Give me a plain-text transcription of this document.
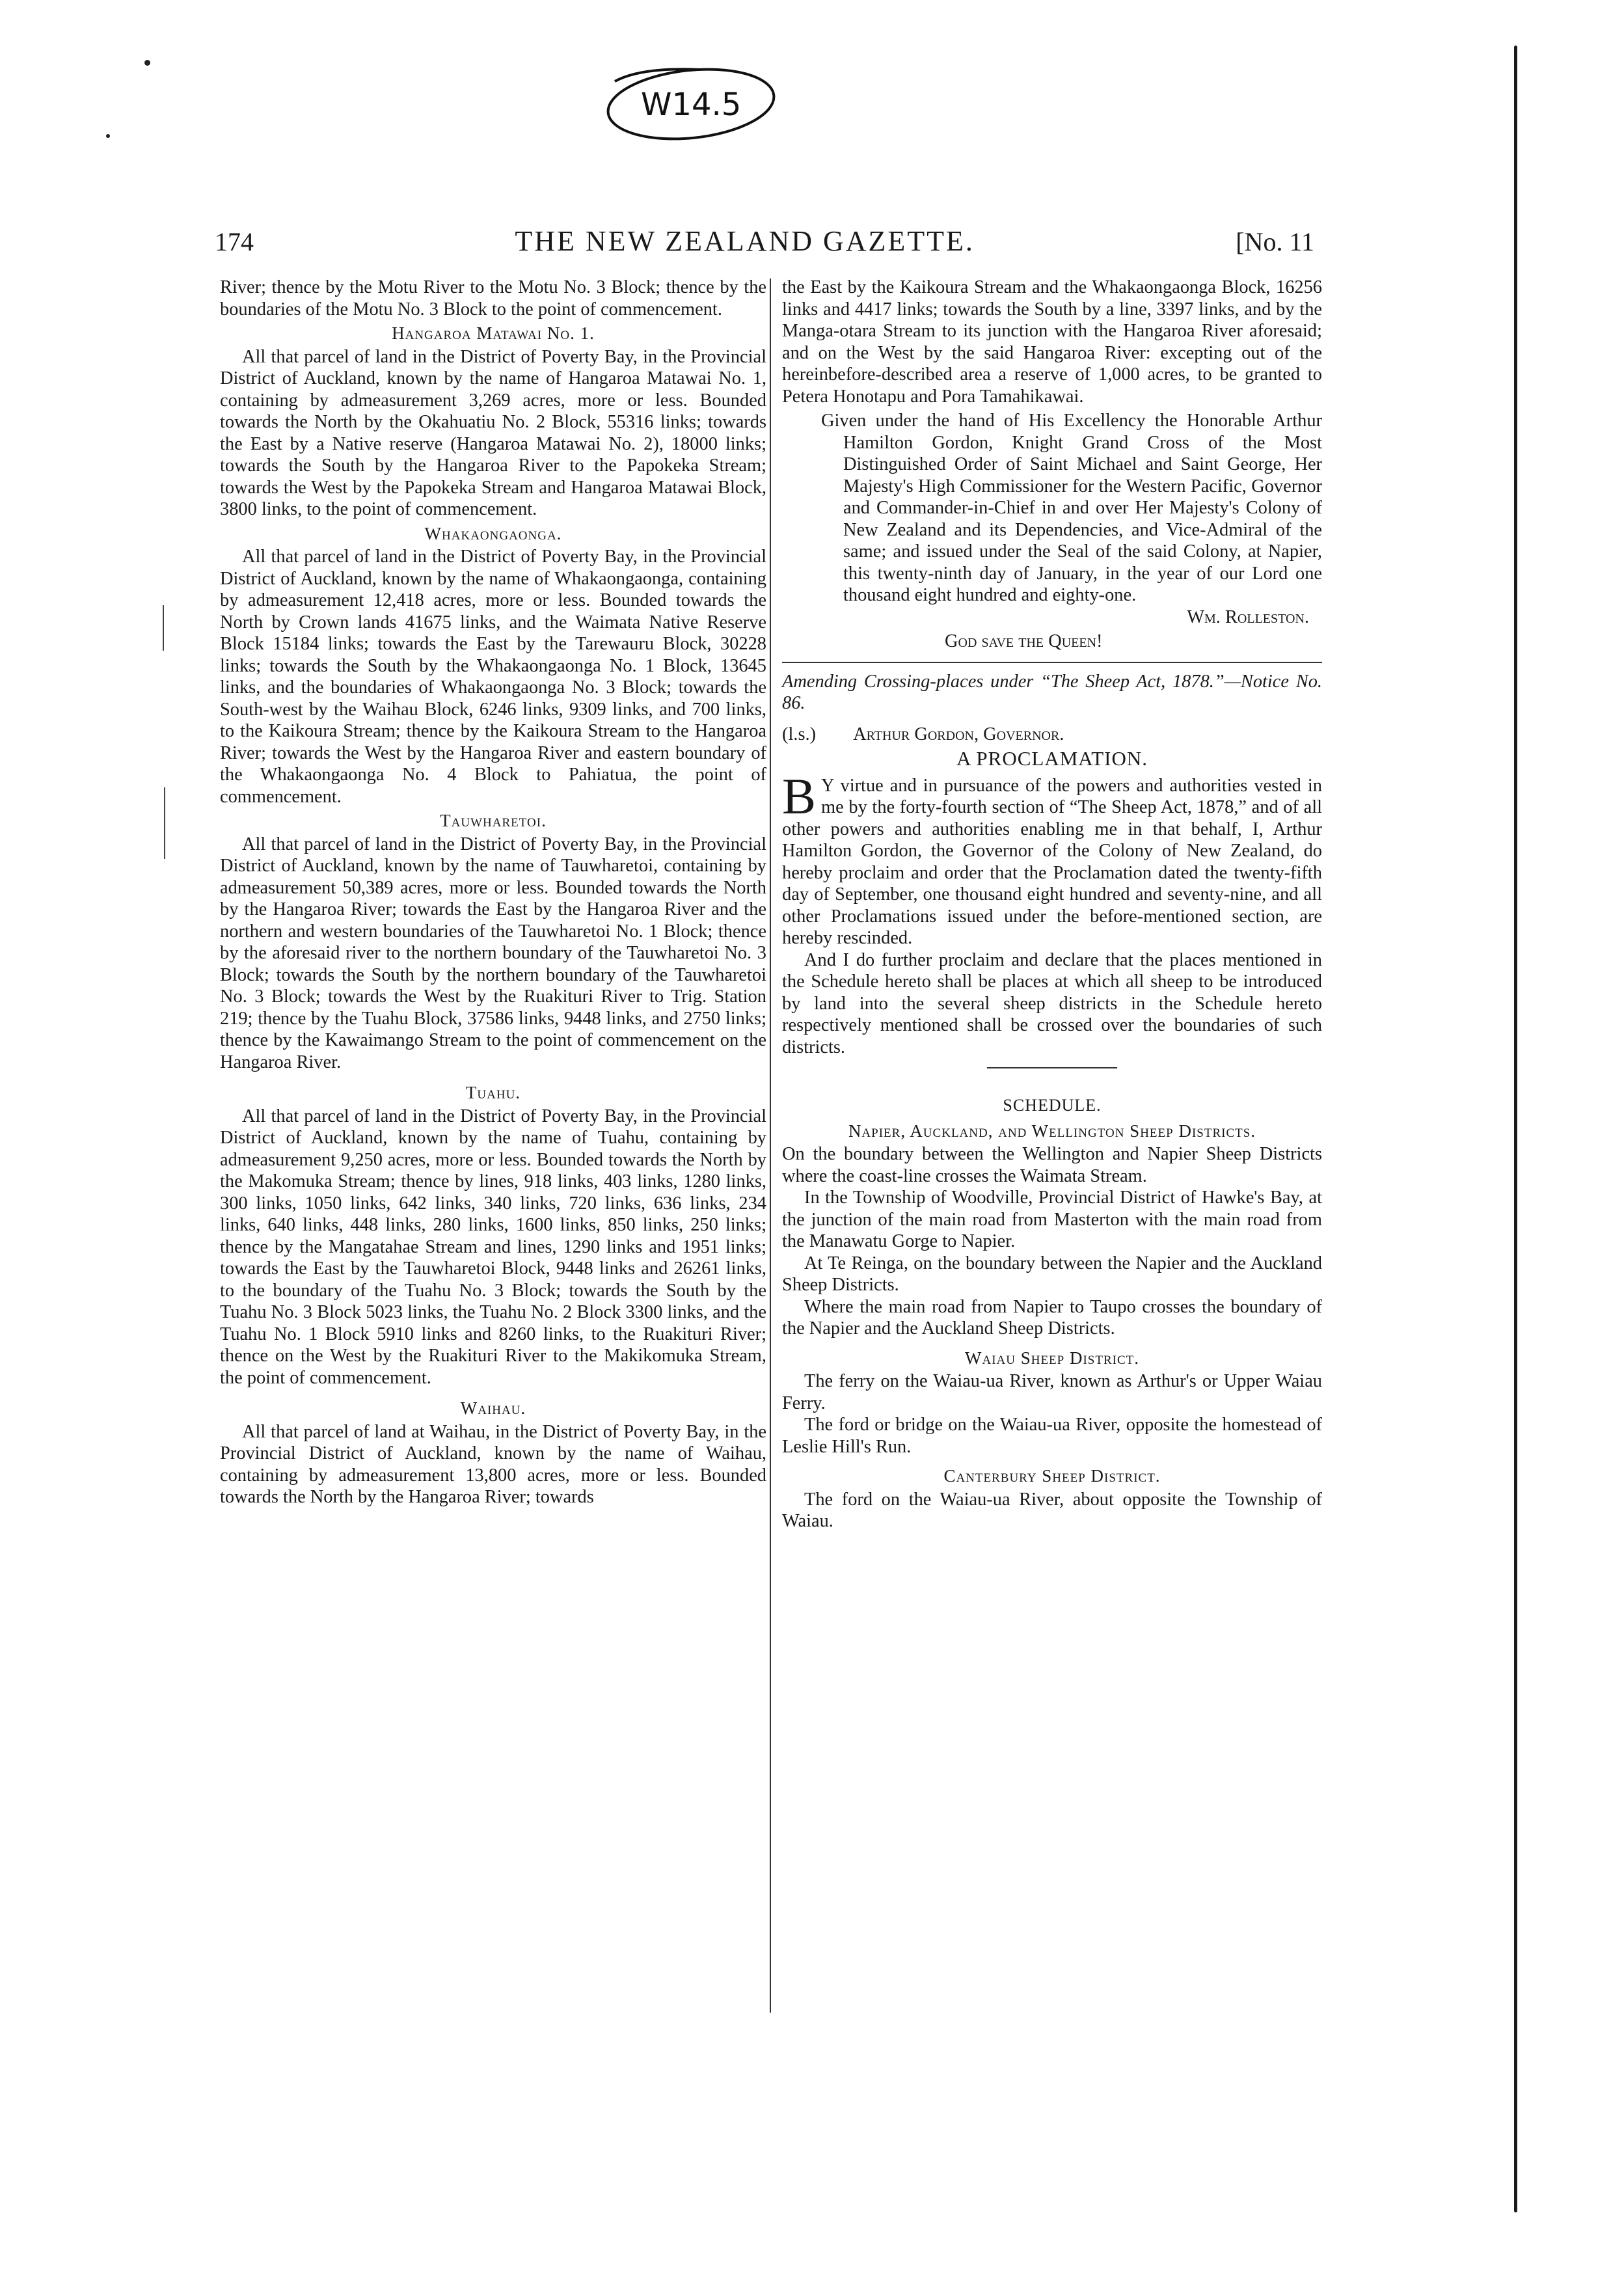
W14.5
174	THE NEW ZEALAND GAZETTE.	[No. 11

River; thence by the Motu River to the Motu No. 3 Block; thence by the boundaries of the Motu No. 3 Block to the point of commencement.

Hangaroa Matawai No. 1.

All that parcel of land in the District of Poverty Bay, in the Provincial District of Auckland, known by the name of Hangaroa Matawai No. 1, containing by admeasurement 3,269 acres, more or less. Bounded towards the North by the Okahuatiu No. 2 Block, 55316 links; towards the East by a Native reserve (Hangaroa Matawai No. 2), 18000 links; towards the South by the Hangaroa River to the Papokeka Stream; towards the West by the Papokeka Stream and Hangaroa Matawai Block, 3800 links, to the point of commencement.

Whakaongaonga.

All that parcel of land in the District of Poverty Bay, in the Provincial District of Auckland, known by the name of Whakaongaonga, containing by admeasurement 12,418 acres, more or less. Bounded towards the North by Crown lands 41675 links, and the Waimata Native Reserve Block 15184 links; towards the East by the Tarewauru Block, 30228 links; towards the South by the Whakaongaonga No. 1 Block, 13645 links, and the boundaries of Whakaongaonga No. 3 Block; towards the South-west by the Waihau Block, 6246 links, 9309 links, and 700 links, to the Kaikoura Stream; thence by the Kaikoura Stream to the Hangaroa River; towards the West by the Hangaroa River and eastern boundary of the Whakaongaonga No. 4 Block to Pahiatua, the point of commencement.

Tauwharetoi.

All that parcel of land in the District of Poverty Bay, in the Provincial District of Auckland, known by the name of Tauwharetoi, containing by admeasurement 50,389 acres, more or less. Bounded towards the North by the Hangaroa River; towards the East by the Hangaroa River and the northern and western boundaries of the Tauwharetoi No. 1 Block; thence by the aforesaid river to the northern boundary of the Tauwharetoi No. 3 Block; towards the South by the northern boundary of the Tauwharetoi No. 3 Block; towards the West by the Ruakituri River to Trig. Station 219; thence by the Tuahu Block, 37586 links, 9448 links, and 2750 links; thence by the Kawaimango Stream to the point of commencement on the Hangaroa River.

Tuahu.

All that parcel of land in the District of Poverty Bay, in the Provincial District of Auckland, known by the name of Tuahu, containing by admeasurement 9,250 acres, more or less. Bounded towards the North by the Makomuka Stream; thence by lines, 918 links, 403 links, 1280 links, 300 links, 1050 links, 642 links, 340 links, 720 links, 636 links, 234 links, 640 links, 448 links, 280 links, 1600 links, 850 links, 250 links; thence by the Mangatahae Stream and lines, 1290 links and 1951 links; towards the East by the Tauwharetoi Block, 9448 links and 26261 links, to the boundary of the Tuahu No. 3 Block; towards the South by the Tuahu No. 3 Block 5023 links, the Tuahu No. 2 Block 3300 links, and the Tuahu No. 1 Block 5910 links and 8260 links, to the Ruakituri River; thence on the West by the Ruakituri River to the Makikomuka Stream, the point of commencement.

Waihau.

All that parcel of land at Waihau, in the District of Poverty Bay, in the Provincial District of Auckland, known by the name of Waihau, containing by admeasurement 13,800 acres, more or less. Bounded towards the North by the Hangaroa River; towards

the East by the Kaikoura Stream and the Whakaongaonga Block, 16256 links and 4417 links; towards the South by a line, 3397 links, and by the Manga-otara Stream to its junction with the Hangaroa River aforesaid; and on the West by the said Hangaroa River: excepting out of the hereinbefore-described area a reserve of 1,000 acres, to be granted to Petera Honotapu and Pora Tamahikawai.

Given under the hand of His Excellency the Honorable Arthur Hamilton Gordon, Knight Grand Cross of the Most Distinguished Order of Saint Michael and Saint George, Her Majesty's High Commissioner for the Western Pacific, Governor and Commander-in-Chief in and over Her Majesty's Colony of New Zealand and its Dependencies, and Vice-Admiral of the same; and issued under the Seal of the said Colony, at Napier, this twenty-ninth day of January, in the year of our Lord one thousand eight hundred and eighty-one.

Wm. Rolleston.
God save the Queen!
Amending Crossing-places under “The Sheep Act, 1878.”—Notice No. 86.
(l.s.) Arthur Gordon, Governor.
A PROCLAMATION.

B Y virtue and in pursuance of the powers and authorities vested in me by the forty-fourth section of “The Sheep Act, 1878,” and of all other powers and authorities enabling me in that behalf, I, Arthur Hamilton Gordon, the Governor of the Colony of New Zealand, do hereby proclaim and order that the Proclamation dated the twenty-fifth day of September, one thousand eight hundred and seventy-nine, and all other Proclamations issued under the before-mentioned section, are hereby rescinded.

And I do further proclaim and declare that the places mentioned in the Schedule hereto shall be places at which all sheep to be introduced by land into the several sheep districts in the Schedule hereto respectively mentioned shall be crossed over the boundaries of such districts.

SCHEDULE.
Napier, Auckland, and Wellington Sheep Districts.

On the boundary between the Wellington and Napier Sheep Districts where the coast-line crosses the Waimata Stream.

In the Township of Woodville, Provincial District of Hawke's Bay, at the junction of the main road from Masterton with the main road from the Manawatu Gorge to Napier.

At Te Reinga, on the boundary between the Napier and the Auckland Sheep Districts.

Where the main road from Napier to Taupo crosses the boundary of the Napier and the Auckland Sheep Districts.

Waiau Sheep District.

The ferry on the Waiau-ua River, known as Arthur's or Upper Waiau Ferry.

The ford or bridge on the Waiau-ua River, opposite the homestead of Leslie Hill's Run.

Canterbury Sheep District.

The ford on the Waiau-ua River, about opposite the Township of Waiau.
